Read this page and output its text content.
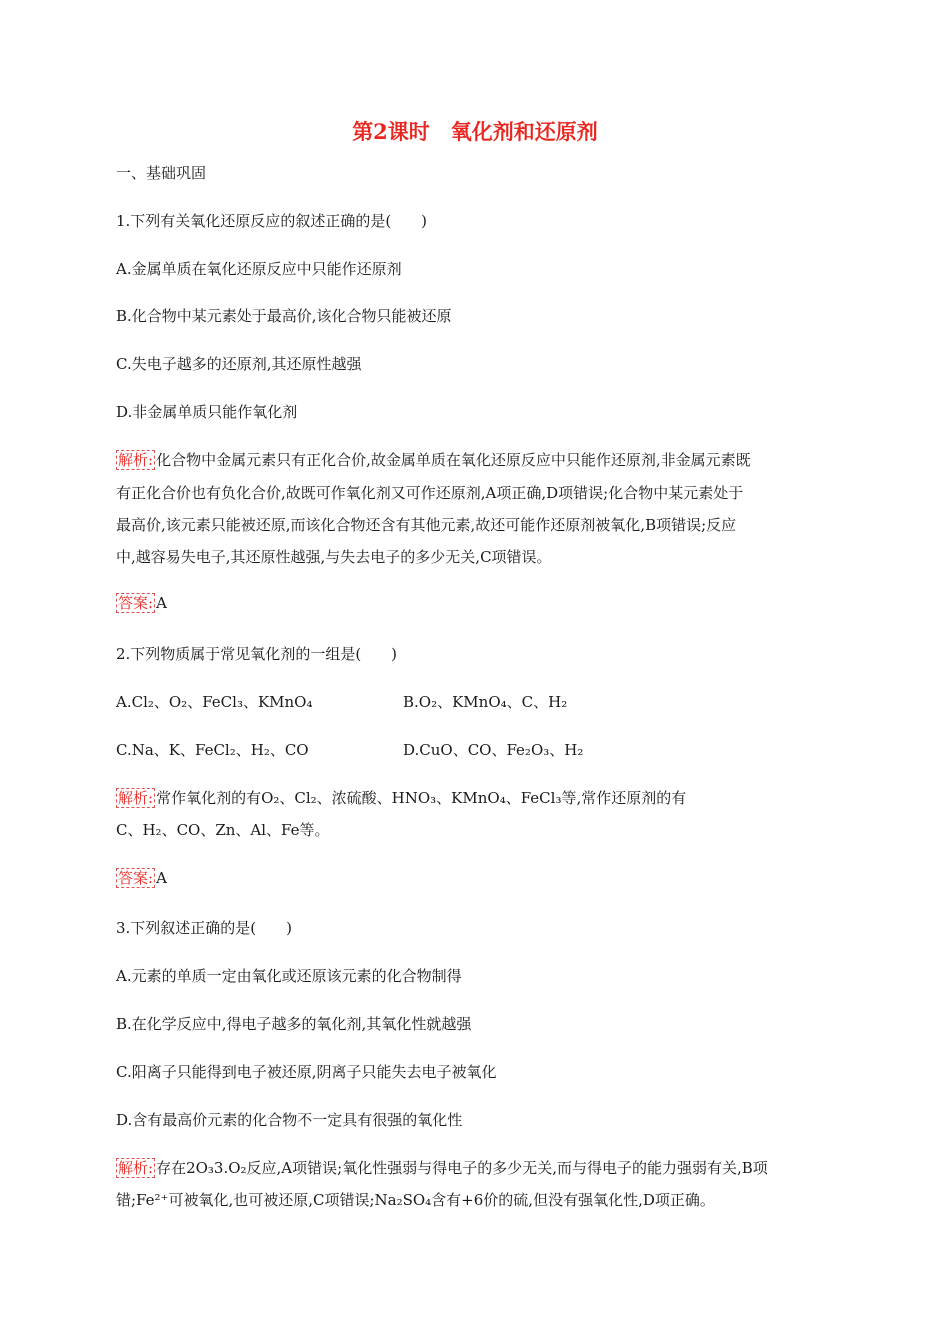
第2课时　氧化剂和还原剂
一、基础巩固
1.下列有关氧化还原反应的叙述正确的是(　　)
A.金属单质在氧化还原反应中只能作还原剂
B.化合物中某元素处于最高价,该化合物只能被还原
C.失电子越多的还原剂,其还原性越强
D.非金属单质只能作氧化剂
解析: 化合物中金属元素只有正化合价,故金属单质在氧化还原反应中只能作还原剂,非金属元素既
有正化合价也有负化合价,故既可作氧化剂又可作还原剂,A项正确,D项错误;化合物中某元素处于
最高价,该元素只能被还原,而该化合物还含有其他元素,故还可能作还原剂被氧化,B项错误;反应
中,越容易失电子,其还原性越强,与失去电子的多少无关,C项错误。
答案: A
2.下列物质属于常见氧化剂的一组是(　　)
A.Cl₂、O₂、FeCl₃、KMnO₄	B.O₂、KMnO₄、C、H₂
C.Na、K、FeCl₂、H₂、CO	D.CuO、CO、Fe₂O₃、H₂
解析: 常作氧化剂的有O₂、Cl₂、浓硫酸、HNO₃、KMnO₄、FeCl₃等,常作还原剂的有
C、H₂、CO、Zn、Al、Fe等。
答案: A
3.下列叙述正确的是(　　)
A.元素的单质一定由氧化或还原该元素的化合物制得
B.在化学反应中,得电子越多的氧化剂,其氧化性就越强
C.阳离子只能得到电子被还原,阴离子只能失去电子被氧化
D.含有最高价元素的化合物不一定具有很强的氧化性
解析: 存在2O₃3.O₂反应,A项错误;氧化性强弱与得电子的多少无关,而与得电子的能力强弱有关,B项
错;Fe²⁺可被氧化,也可被还原,C项错误;Na₂SO₄含有+6价的硫,但没有强氧化性,D项正确。
